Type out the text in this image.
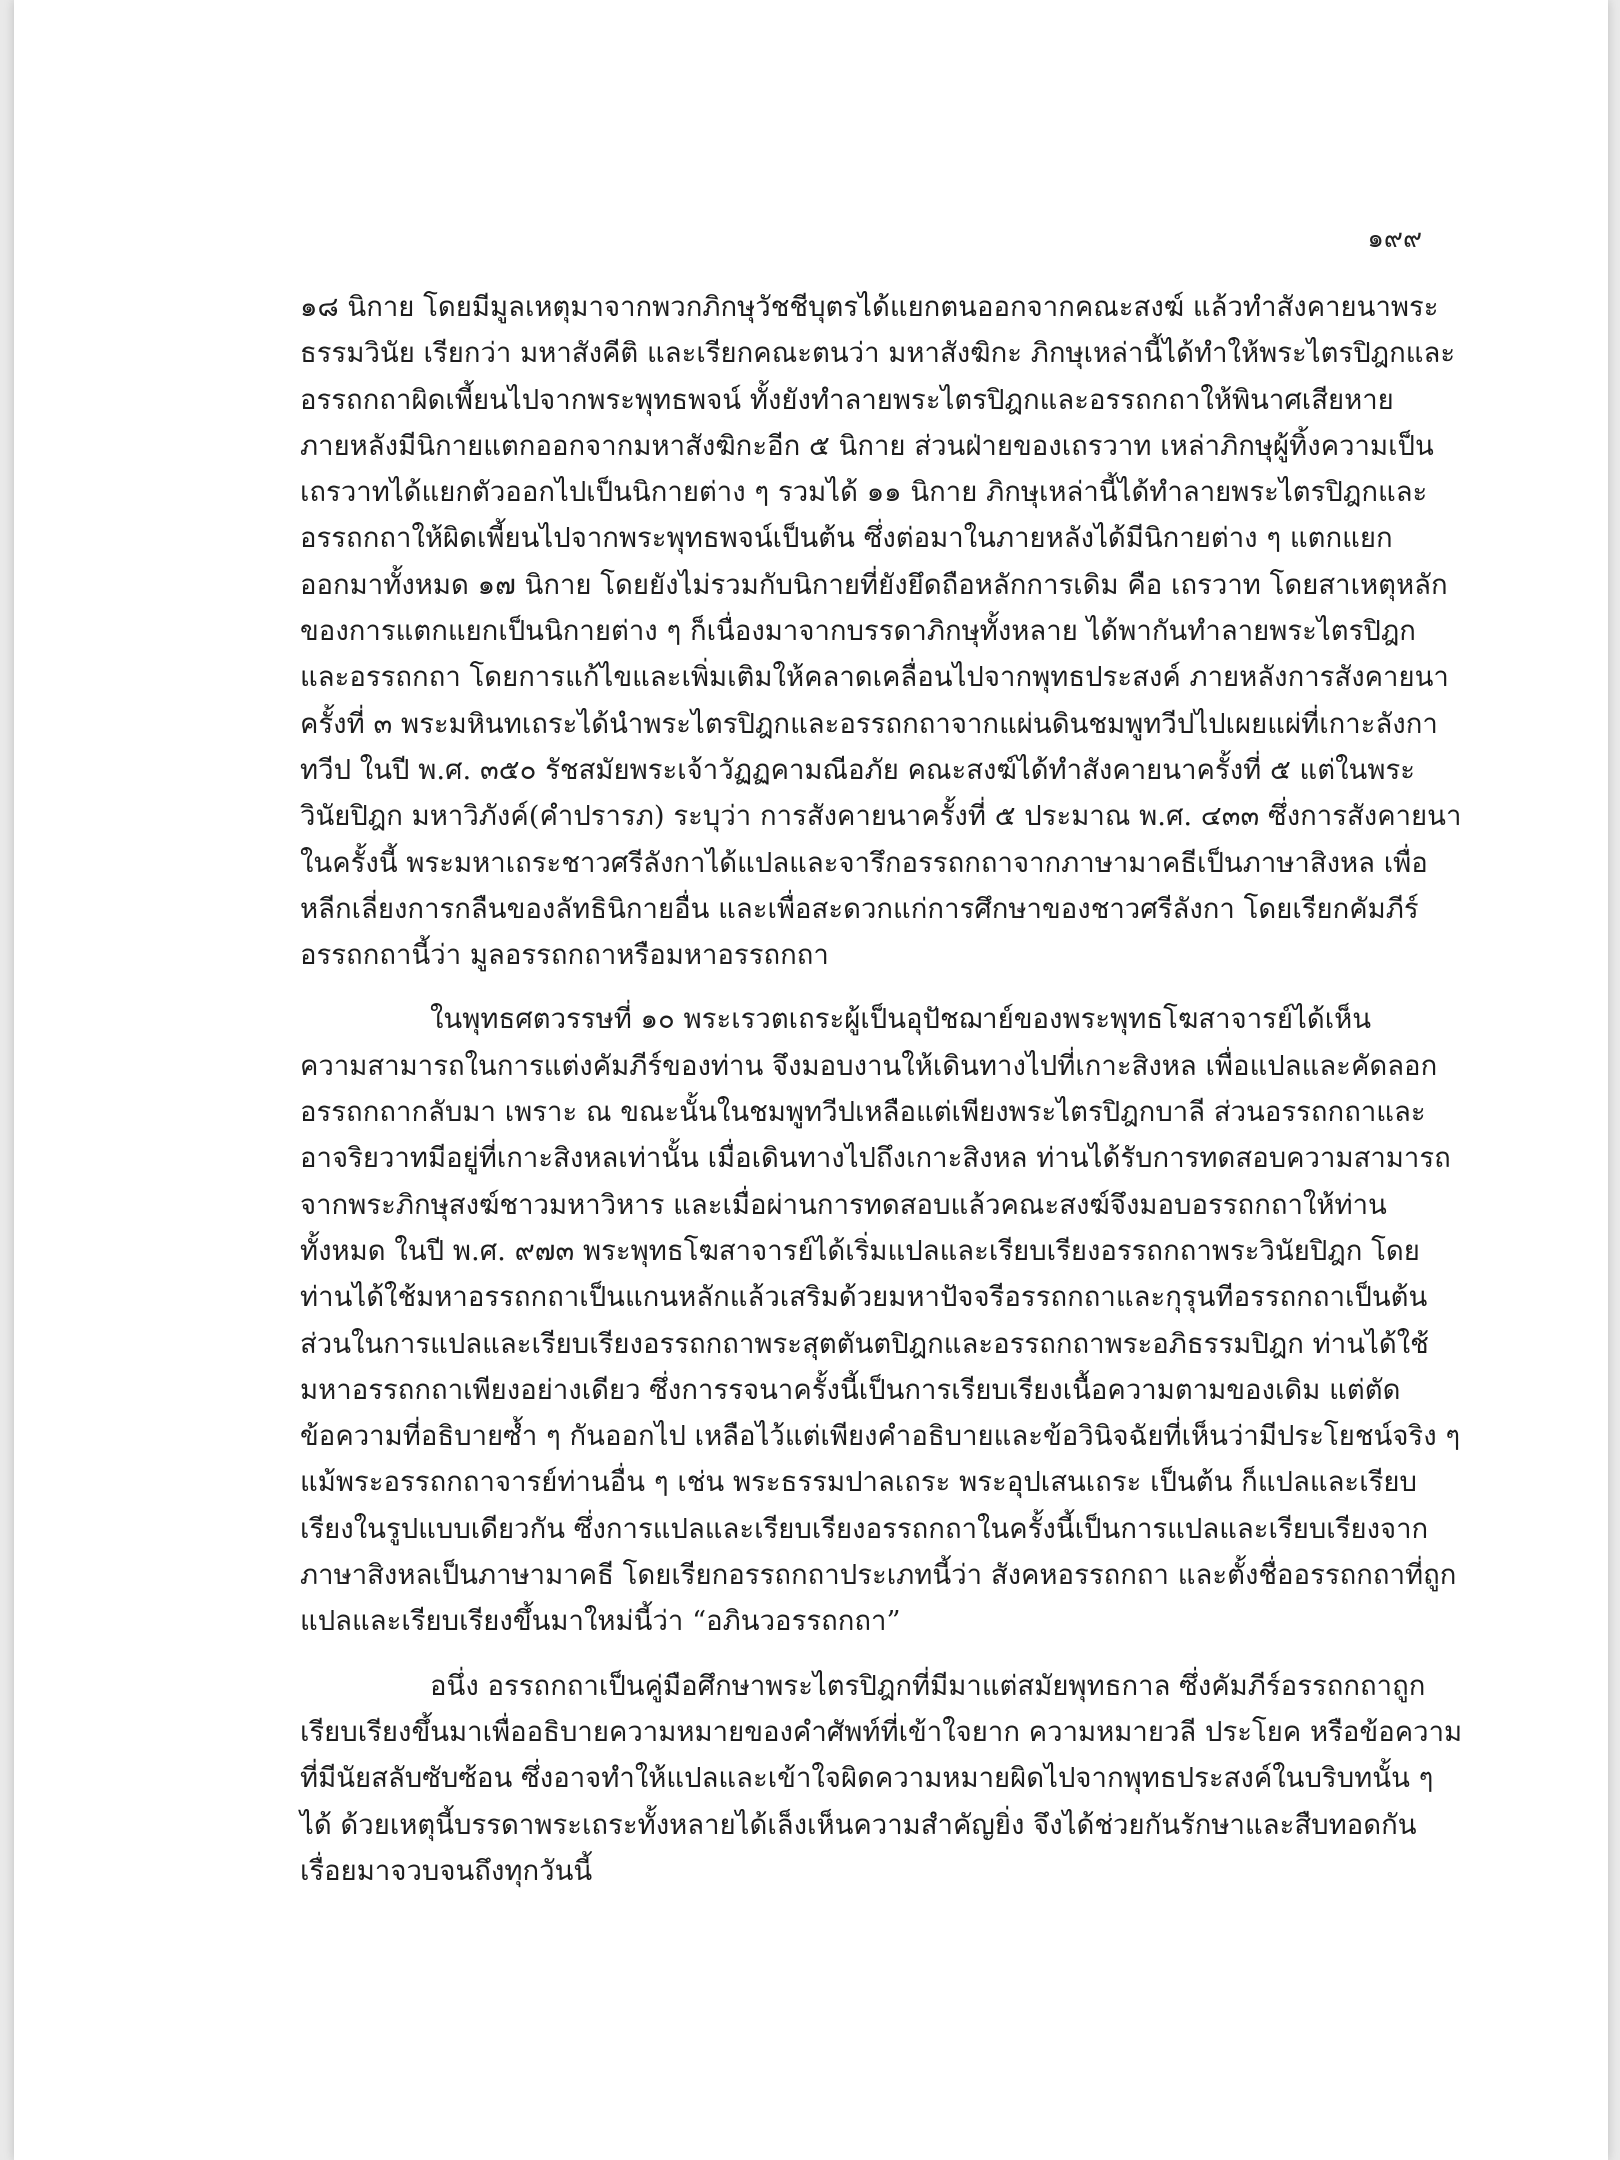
๑๙๙

๑๘ นิกาย โดยมีมูลเหตุมาจากพวกภิกษุวัชชีบุตรได้แยกตนออกจากคณะสงฆ์ แล้วทำสังคายนาพระ
ธรรมวินัย เรียกว่า มหาสังคีติ และเรียกคณะตนว่า มหาสังฆิกะ ภิกษุเหล่านี้ได้ทำให้พระไตรปิฎกและ
อรรถกถาผิดเพี้ยนไปจากพระพุทธพจน์ ทั้งยังทำลายพระไตรปิฎกและอรรถกถาให้พินาศเสียหาย
ภายหลังมีนิกายแตกออกจากมหาสังฆิกะอีก ๕ นิกาย ส่วนฝ่ายของเถรวาท เหล่าภิกษุผู้ทิ้งความเป็น
เถรวาทได้แยกตัวออกไปเป็นนิกายต่าง ๆ รวมได้ ๑๑ นิกาย ภิกษุเหล่านี้ได้ทำลายพระไตรปิฎกและ
อรรถกถาให้ผิดเพี้ยนไปจากพระพุทธพจน์เป็นต้น ซึ่งต่อมาในภายหลังได้มีนิกายต่าง ๆ แตกแยก
ออกมาทั้งหมด ๑๗ นิกาย โดยยังไม่รวมกับนิกายที่ยังยึดถือหลักการเดิม คือ เถรวาท โดยสาเหตุหลัก
ของการแตกแยกเป็นนิกายต่าง ๆ ก็เนื่องมาจากบรรดาภิกษุทั้งหลาย ได้พากันทำลายพระไตรปิฎก
และอรรถกถา โดยการแก้ไขและเพิ่มเติมให้คลาดเคลื่อนไปจากพุทธประสงค์ ภายหลังการสังคายนา
ครั้งที่ ๓ พระมหินทเถระได้นำพระไตรปิฎกและอรรถกถาจากแผ่นดินชมพูทวีปไปเผยแผ่ที่เกาะลังกา
ทวีป ในปี พ.ศ. ๓๕๐ รัชสมัยพระเจ้าวัฏฏคามณีอภัย คณะสงฆ์ได้ทำสังคายนาครั้งที่ ๕ แต่ในพระ
วินัยปิฎก มหาวิภังค์(คำปรารภ) ระบุว่า การสังคายนาครั้งที่ ๕ ประมาณ พ.ศ. ๔๓๓ ซึ่งการสังคายนา
ในครั้งนี้ พระมหาเถระชาวศรีลังกาได้แปลและจารึกอรรถกถาจากภาษามาคธีเป็นภาษาสิงหล เพื่อ
หลีกเลี่ยงการกลืนของลัทธินิกายอื่น และเพื่อสะดวกแก่การศึกษาของชาวศรีลังกา โดยเรียกคัมภีร์
อรรถกถานี้ว่า มูลอรรถกถาหรือมหาอรรถกถา

ในพุทธศตวรรษที่ ๑๐ พระเรวตเถระผู้เป็นอุปัชฌาย์ของพระพุทธโฆสาจารย์ได้เห็น
ความสามารถในการแต่งคัมภีร์ของท่าน จึงมอบงานให้เดินทางไปที่เกาะสิงหล เพื่อแปลและคัดลอก
อรรถกถากลับมา เพราะ ณ ขณะนั้นในชมพูทวีปเหลือแต่เพียงพระไตรปิฎกบาลี ส่วนอรรถกถาและ
อาจริยวาทมีอยู่ที่เกาะสิงหลเท่านั้น เมื่อเดินทางไปถึงเกาะสิงหล ท่านได้รับการทดสอบความสามารถ
จากพระภิกษุสงฆ์ชาวมหาวิหาร และเมื่อผ่านการทดสอบแล้วคณะสงฆ์จึงมอบอรรถกถาให้ท่าน
ทั้งหมด ในปี พ.ศ. ๙๗๓ พระพุทธโฆสาจารย์ได้เริ่มแปลและเรียบเรียงอรรถกถาพระวินัยปิฎก โดย
ท่านได้ใช้มหาอรรถกถาเป็นแกนหลักแล้วเสริมด้วยมหาปัจจรีอรรถกถาและกุรุนทีอรรถกถาเป็นต้น
ส่วนในการแปลและเรียบเรียงอรรถกถาพระสุตตันตปิฎกและอรรถกถาพระอภิธรรมปิฎก ท่านได้ใช้
มหาอรรถกถาเพียงอย่างเดียว ซึ่งการรจนาครั้งนี้เป็นการเรียบเรียงเนื้อความตามของเดิม แต่ตัด
ข้อความที่อธิบายซ้ำ ๆ กันออกไป เหลือไว้แต่เพียงคำอธิบายและข้อวินิจฉัยที่เห็นว่ามีประโยชน์จริง ๆ
แม้พระอรรถกถาจารย์ท่านอื่น ๆ เช่น พระธรรมปาลเถระ พระอุปเสนเถระ เป็นต้น ก็แปลและเรียบ
เรียงในรูปแบบเดียวกัน ซึ่งการแปลและเรียบเรียงอรรถกถาในครั้งนี้เป็นการแปลและเรียบเรียงจาก
ภาษาสิงหลเป็นภาษามาคธี โดยเรียกอรรถกถาประเภทนี้ว่า สังคหอรรถกถา และตั้งชื่ออรรถกถาที่ถูก
แปลและเรียบเรียงขึ้นมาใหม่นี้ว่า “อภินวอรรถกถา”

อนึ่ง อรรถกถาเป็นคู่มือศึกษาพระไตรปิฎกที่มีมาแต่สมัยพุทธกาล ซึ่งคัมภีร์อรรถกถาถูก
เรียบเรียงขึ้นมาเพื่ออธิบายความหมายของคำศัพท์ที่เข้าใจยาก ความหมายวลี ประโยค หรือข้อความ
ที่มีนัยสลับซับซ้อน ซึ่งอาจทำให้แปลและเข้าใจผิดความหมายผิดไปจากพุทธประสงค์ในบริบทนั้น ๆ
ได้ ด้วยเหตุนี้บรรดาพระเถระทั้งหลายได้เล็งเห็นความสำคัญยิ่ง จึงได้ช่วยกันรักษาและสืบทอดกัน
เรื่อยมาจวบจนถึงทุกวันนี้
